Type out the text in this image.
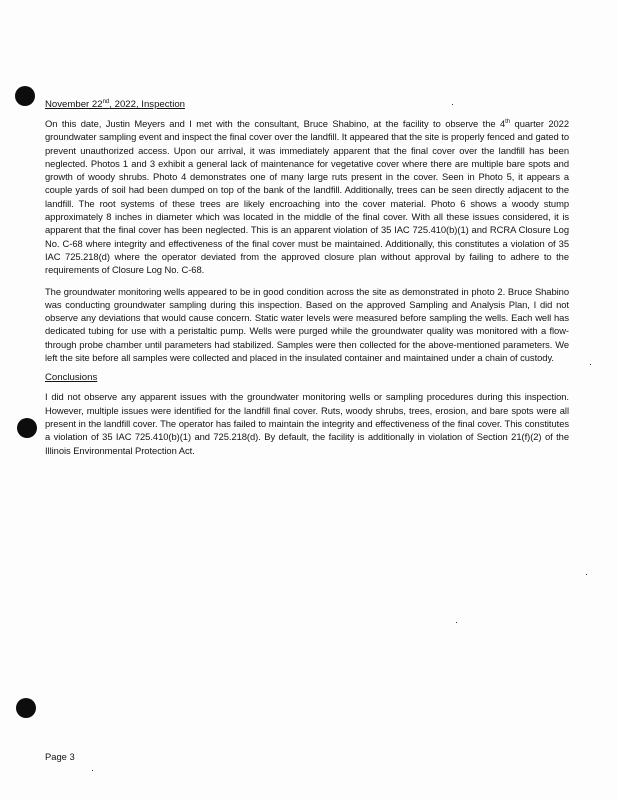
November 22nd, 2022, Inspection

On this date, Justin Meyers and I met with the consultant, Bruce Shabino, at the facility to observe the 4th quarter 2022 groundwater sampling event and inspect the final cover over the landfill. It appeared that the site is properly fenced and gated to prevent unauthorized access. Upon our arrival, it was immediately apparent that the final cover over the landfill has been neglected. Photos 1 and 3 exhibit a general lack of maintenance for vegetative cover where there are multiple bare spots and growth of woody shrubs. Photo 4 demonstrates one of many large ruts present in the cover. Seen in Photo 5, it appears a couple yards of soil had been dumped on top of the bank of the landfill. Additionally, trees can be seen directly adjacent to the landfill. The root systems of these trees are likely encroaching into the cover material. Photo 6 shows a woody stump approximately 8 inches in diameter which was located in the middle of the final cover. With all these issues considered, it is apparent that the final cover has been neglected. This is an apparent violation of 35 IAC 725.410(b)(1) and RCRA Closure Log No. C-68 where integrity and effectiveness of the final cover must be maintained. Additionally, this constitutes a violation of 35 IAC 725.218(d) where the operator deviated from the approved closure plan without approval by failing to adhere to the requirements of Closure Log No. C-68.

The groundwater monitoring wells appeared to be in good condition across the site as demonstrated in photo 2. Bruce Shabino was conducting groundwater sampling during this inspection. Based on the approved Sampling and Analysis Plan, I did not observe any deviations that would cause concern. Static water levels were measured before sampling the wells. Each well has dedicated tubing for use with a peristaltic pump. Wells were purged while the groundwater quality was monitored with a flow-through probe chamber until parameters had stabilized. Samples were then collected for the above-mentioned parameters. We left the site before all samples were collected and placed in the insulated container and maintained under a chain of custody.

Conclusions

I did not observe any apparent issues with the groundwater monitoring wells or sampling procedures during this inspection. However, multiple issues were identified for the landfill final cover. Ruts, woody shrubs, trees, erosion, and bare spots were all present in the landfill cover. The operator has failed to maintain the integrity and effectiveness of the final cover. This constitutes a violation of 35 IAC 725.410(b)(1) and 725.218(d). By default, the facility is additionally in violation of Section 21(f)(2) of the Illinois Environmental Protection Act.

Page 3
